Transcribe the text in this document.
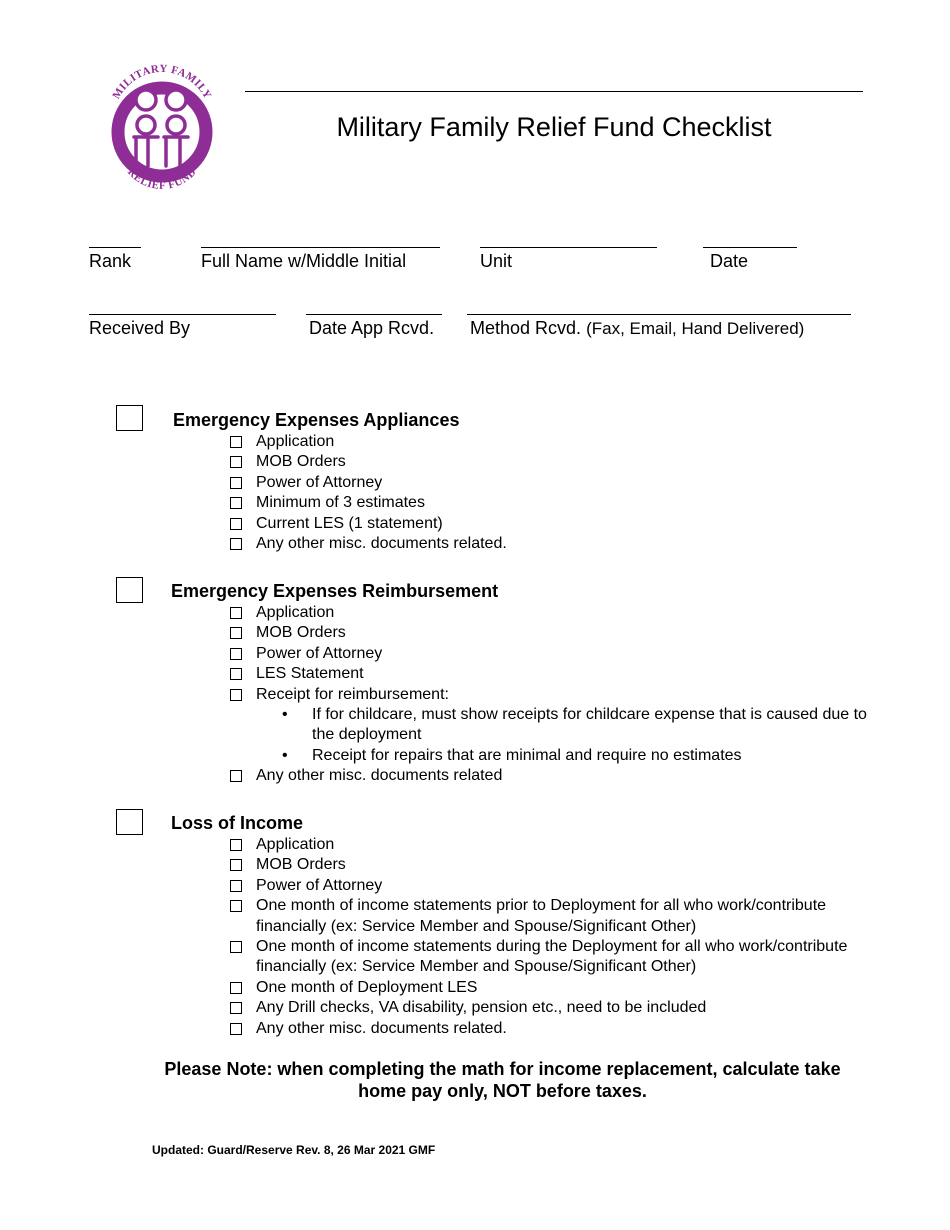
MILITARY FAMILY
RELIEF FUND
Military Family Relief Fund Checklist
Rank	Full Name w/Middle Initial	Unit	Date
Received By	Date App Rcvd.	Method Rcvd. (Fax, Email, Hand Delivered)
Emergency Expenses Appliances
Application
MOB Orders
Power of Attorney
Minimum of 3 estimates
Current LES (1 statement)
Any other misc. documents related.
Emergency Expenses Reimbursement
Application
MOB Orders
Power of Attorney
LES Statement
Receipt for reimbursement:
•	If for childcare, must show receipts for childcare expense that is caused due to the deployment
•	Receipt for repairs that are minimal and require no estimates
Any other misc. documents related
Loss of Income
Application
MOB Orders
Power of Attorney
One month of income statements prior to Deployment for all who work/contribute financially (ex: Service Member and Spouse/Significant Other)
One month of income statements during the Deployment for all who work/contribute financially (ex: Service Member and Spouse/Significant Other)
One month of Deployment LES
Any Drill checks, VA disability, pension etc., need to be included
Any other misc. documents related.
Please Note: when completing the math for income replacement, calculate take home pay only, NOT before taxes.
Updated: Guard/Reserve Rev. 8, 26 Mar 2021 GMF
